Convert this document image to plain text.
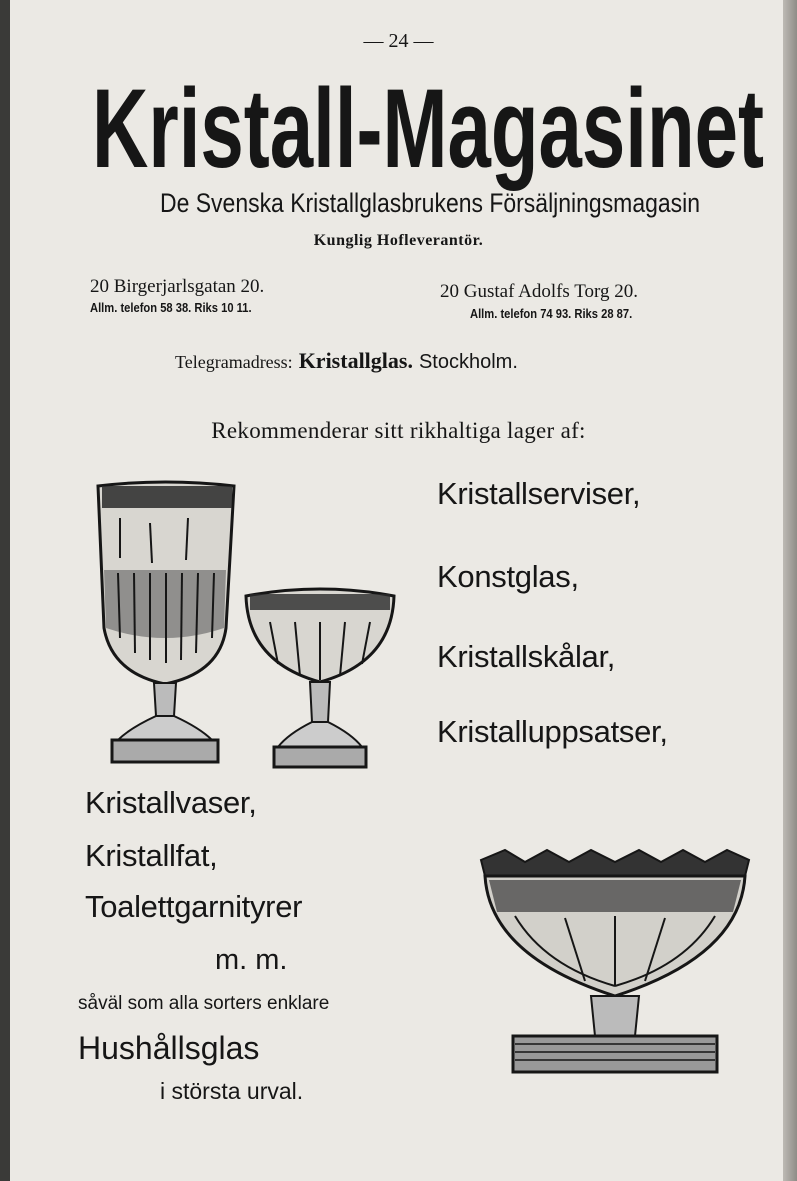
— 24 —
Kristall-Magasinet
De Svenska Kristallglasbrukens Försäljningsmagasin
Kunglig Hofleverantör.
20 Birgerjarlsgatan 20.
Allm. telefon 58 38. Riks 10 11.
20 Gustaf Adolfs Torg 20.
Allm. telefon 74 93. Riks 28 87.
Telegramadress: Kristallglas. Stockholm.
Rekommenderar sitt rikhaltiga lager af:
Kristallserviser,
Konstglas,
Kristallskålar,
Kristalluppsatser,
Kristallvaser,
Kristallfat,
Toalettgarnityrer
m. m.
såväl som alla sorters enklare
Hushållsglas
i största urval.
